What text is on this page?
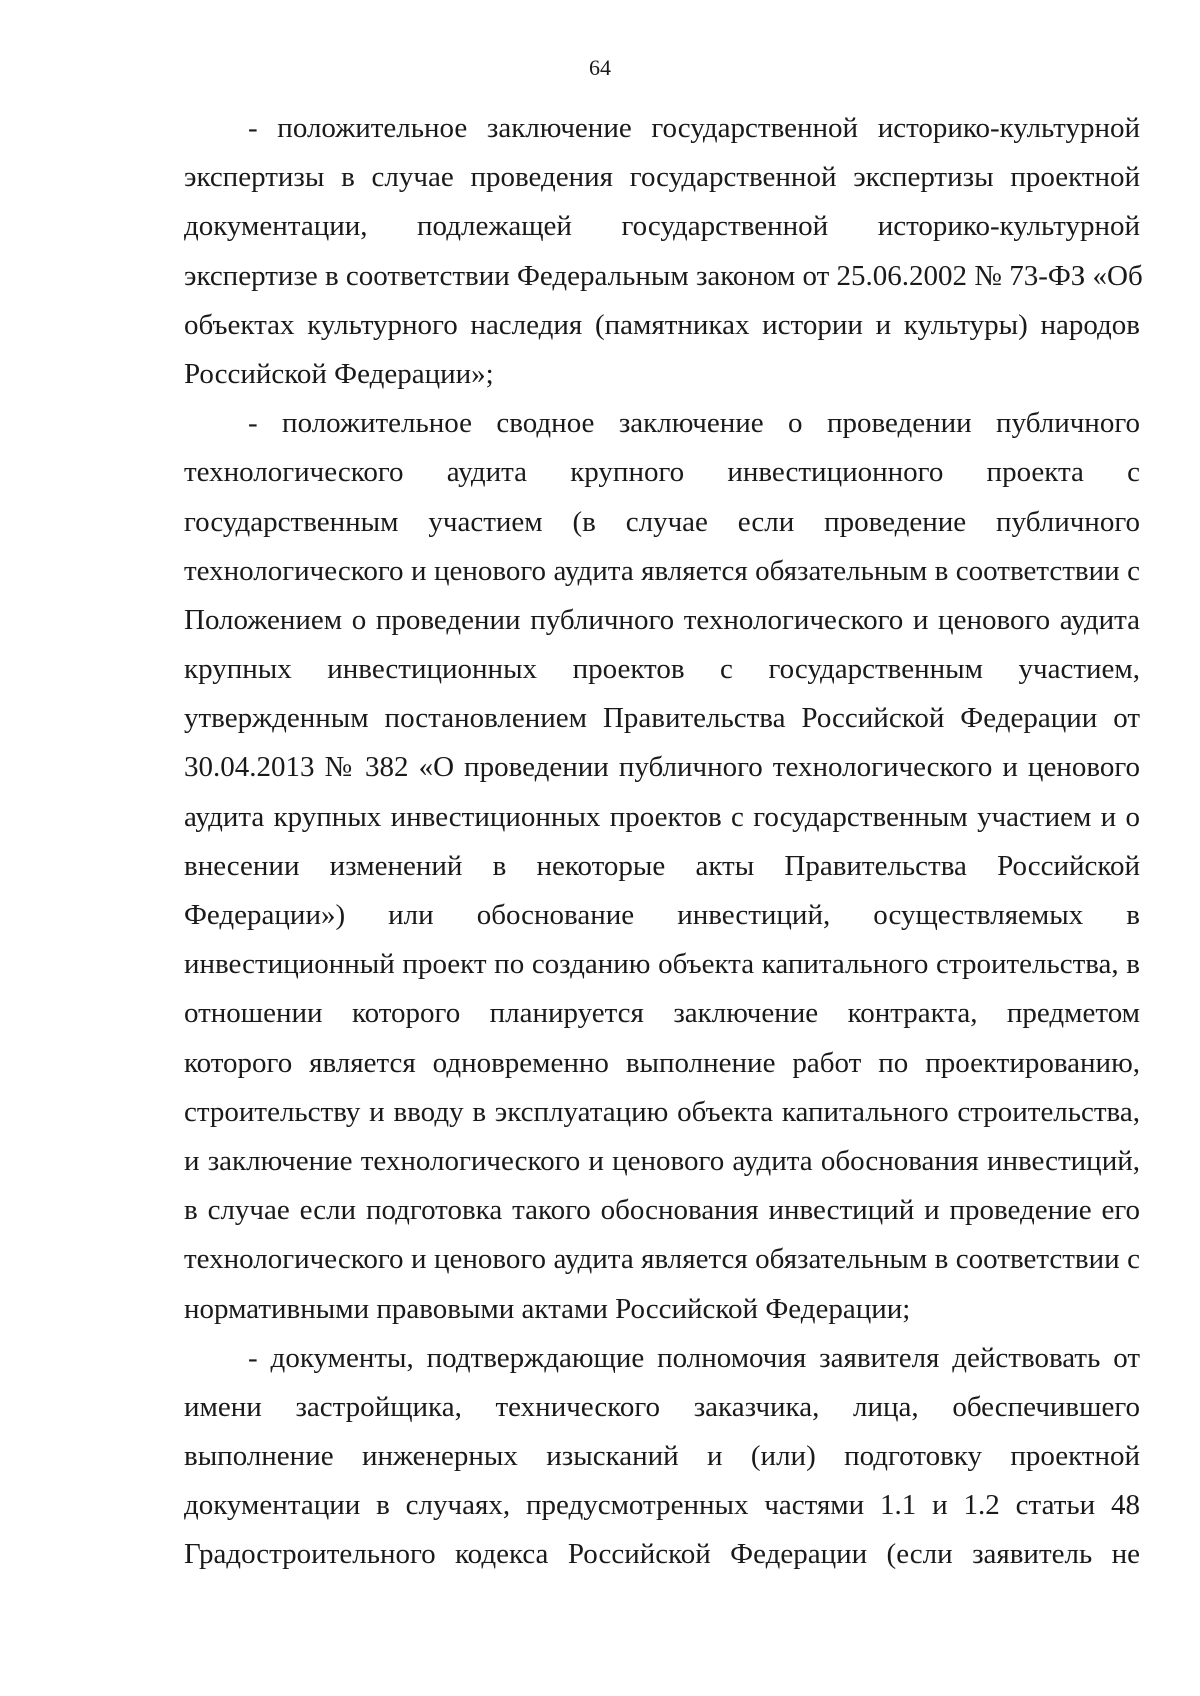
64
- положительное заключение государственной историко-культурной
экспертизы в случае проведения государственной экспертизы проектной
документации, подлежащей государственной историко-культурной
экспертизе в соответствии Федеральным законом от 25.06.2002 № 73-ФЗ «Об
объектах культурного наследия (памятниках истории и культуры) народов
Российской Федерации»;
- положительное сводное заключение о проведении публичного
технологического аудита крупного инвестиционного проекта с
государственным участием (в случае если проведение публичного
технологического и ценового аудита является обязательным в соответствии с
Положением о проведении публичного технологического и ценового аудита
крупных инвестиционных проектов с государственным участием,
утвержденным постановлением Правительства Российской Федерации от
30.04.2013 № 382 «О проведении публичного технологического и ценового
аудита крупных инвестиционных проектов с государственным участием и о
внесении изменений в некоторые акты Правительства Российской
Федерации») или обоснование инвестиций, осуществляемых в
инвестиционный проект по созданию объекта капитального строительства, в
отношении которого планируется заключение контракта, предметом
которого является одновременно выполнение работ по проектированию,
строительству и вводу в эксплуатацию объекта капитального строительства,
и заключение технологического и ценового аудита обоснования инвестиций,
в случае если подготовка такого обоснования инвестиций и проведение его
технологического и ценового аудита является обязательным в соответствии с
нормативными правовыми актами Российской Федерации;
- документы, подтверждающие полномочия заявителя действовать от
имени застройщика, технического заказчика, лица, обеспечившего
выполнение инженерных изысканий и (или) подготовку проектной
документации в случаях, предусмотренных частями 1.1 и 1.2 статьи 48
Градостроительного кодекса Российской Федерации (если заявитель не
